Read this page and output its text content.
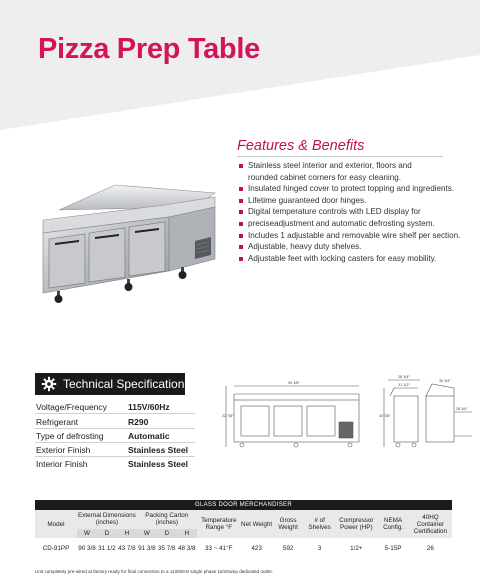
Pizza Prep Table
Features & Benefits
Stainless steel interior and exterior, floors and
rounded cabinet corners for easy cleaning.
Insulated hinged cover to protect topping and ingredients.
Lifetime guaranteed door hinges.
Digital temperature controls with LED display for
preciseadjustment and automatic defrosting system.
Includes 1 adjustable and removable wire shelf per section.
Adjustable, heavy duty shelves.
Adjustable feet with locking casters for easy mobility.
Technical Specifications
Voltage/Frequency	115V/60Hz
Refrigerant	R290
Type of defrosting	Automatic
Exterior Finish	Stainless Steel
Interior Finish	Stainless Steel
90 3/8"
28 3/4"
22 7/8"	43 7/8"
31 1/2"
30 3/4"
28 3/4"
GLASS DOOR MERCHANDISER
Model	External Dimensions (inches)			Packing Carton (inches)			Temperature Range °F	Net Weight	Gross Weight	# of Shelves	Compressor Power (HP)	NEMA Config.	40HQ Container Certification
	W	D	H	W	D	H							
CD-91PP	90 3/8	31 1/2	43 7/8	91 3/8	35 7/8	48 3/8	33 ~ 41°F	423	592	3	1/2+	5-15P	26
Unit completely pre-wired at factory ready for final connection to a 110/60Hz single phase 15/20amp dedicated outlet.
